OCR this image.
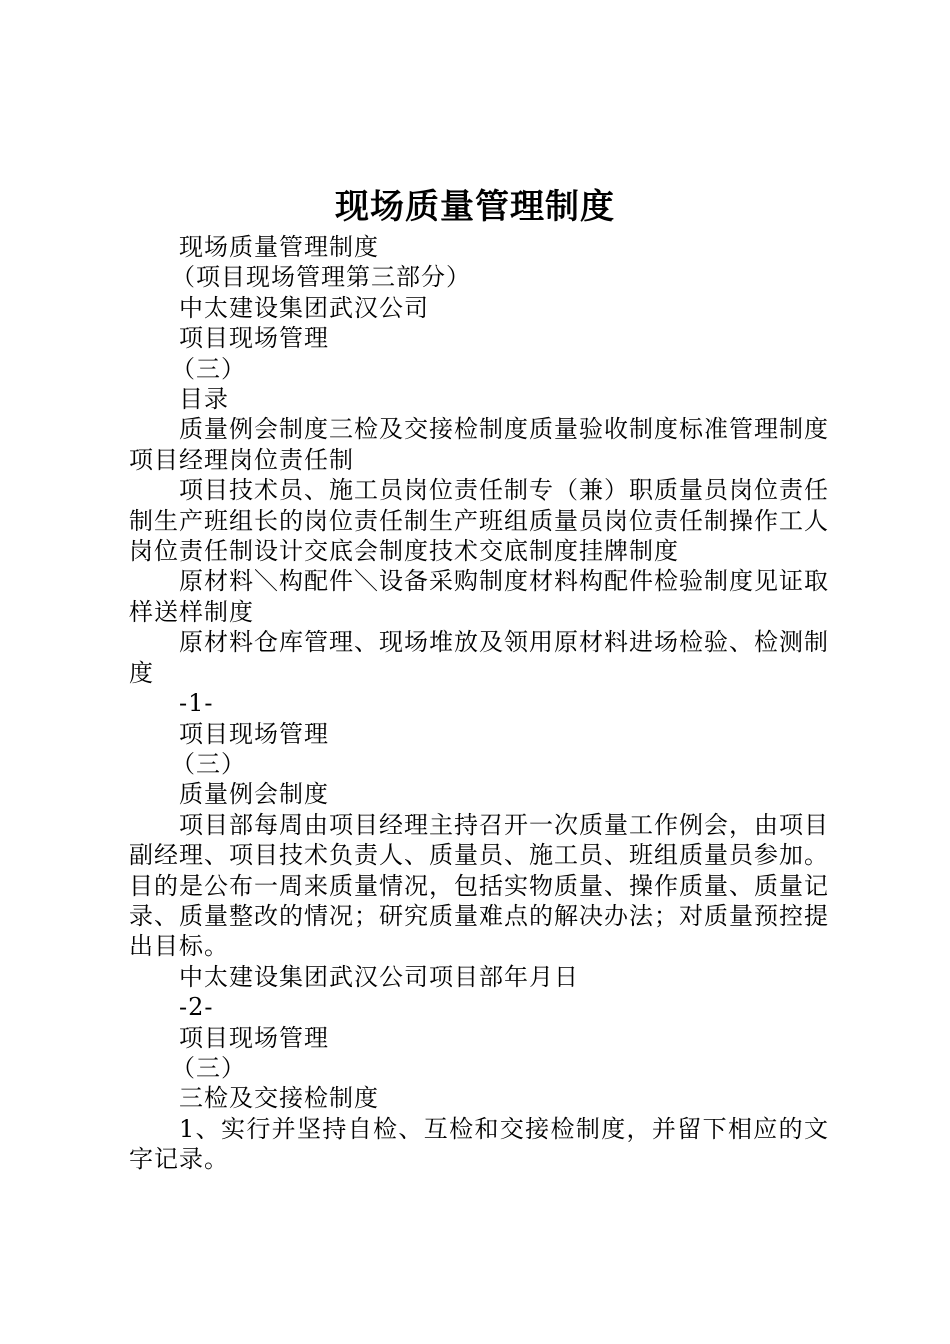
现场质量管理制度

现场质量管理制度

（项目现场管理第三部分）

中太建设集团武汉公司

项目现场管理

（三）

目录

质量例会制度三检及交接检制度质量验收制度标准管理制度项目经理岗位责任制

项目技术员、施工员岗位责任制专（兼）职质量员岗位责任制生产班组长的岗位责任制生产班组质量员岗位责任制操作工人岗位责任制设计交底会制度技术交底制度挂牌制度

原材料＼构配件＼设备采购制度材料构配件检验制度见证取样送样制度

原材料仓库管理、现场堆放及领用原材料进场检验、检测制度

-1-

项目现场管理

（三）

质量例会制度

项目部每周由项目经理主持召开一次质量工作例会，由项目副经理、项目技术负责人、质量员、施工员、班组质量员参加。目的是公布一周来质量情况，包括实物质量、操作质量、质量记录、质量整改的情况；研究质量难点的解决办法；对质量预控提出目标。

中太建设集团武汉公司项目部年月日

-2-

项目现场管理

（三）

三检及交接检制度

1、实行并坚持自检、互检和交接检制度，并留下相应的文字记录。
